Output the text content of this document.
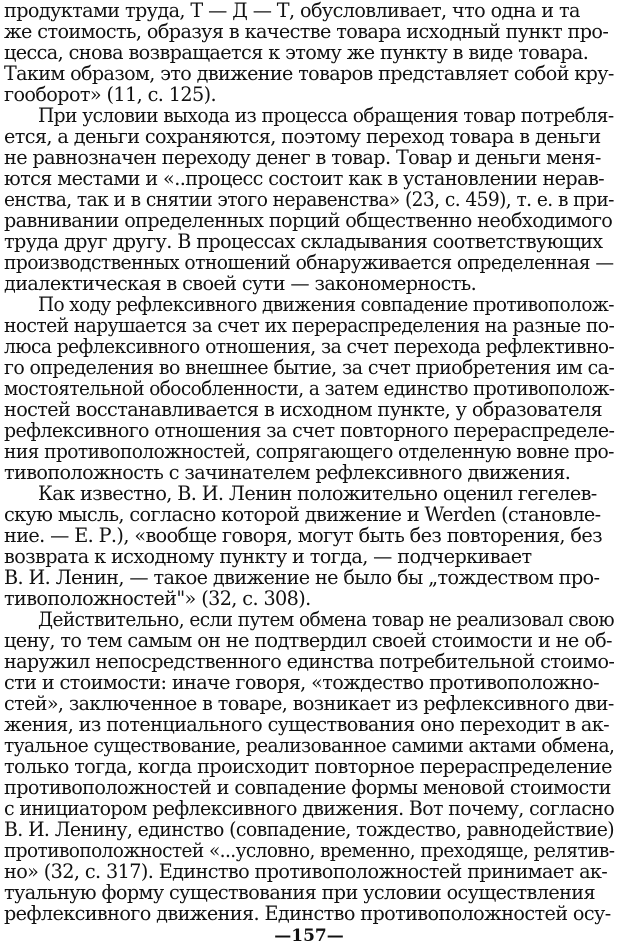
продуктами труда, Т — Д — Т, обусловливает, что одна и та
же стоимость, образуя в качестве товара исходный пункт про-
цесса, снова возвращается к этому же пункту в виде товара.
Таким образом, это движение товаров представляет собой кру-
гооборот» (11, с. 125).
При условии выхода из процесса обращения товар потребля-
ется, а деньги сохраняются, поэтому переход товара в деньги
не равнозначен переходу денег в товар. Товар и деньги меня-
ются местами и «..процесс состоит как в установлении нерав-
енства, так и в снятии этого неравенства» (23, с. 459), т. е. в при-
равнивании определенных порций общественно необходимого
труда друг другу. В процессах складывания соответствующих
производственных отношений обнаруживается определенная —
диалектическая в своей сути — закономерность.
По ходу рефлексивного движения совпадение противополож-
ностей нарушается за счет их перераспределения на разные по-
люса рефлексивного отношения, за счет перехода рефлективно-
го определения во внешнее бытие, за счет приобретения им са-
мостоятельной обособленности, а затем единство противополож-
ностей восстанавливается в исходном пункте, у образователя
рефлексивного отношения за счет повторного перераспределе-
ния противоположностей, сопрягающего отделенную вовне про-
тивоположность с зачинателем рефлексивного движения.
Как известно, В. И. Ленин положительно оценил гегелев-
скую мысль, согласно которой движение и Werden (становле-
ние. — Е. Р.), «вообще говоря, могут быть без повторения, без
возврата к исходному пункту и тогда, — подчеркивает
В. И. Ленин, — такое движение не было бы „тождеством про-
тивоположностей"» (32, с. 308).
Действительно, если путем обмена товар не реализовал свою
цену, то тем самым он не подтвердил своей стоимости и не об-
наружил непосредственного единства потребительной стоимо-
сти и стоимости: иначе говоря, «тождество противоположно-
стей», заключенное в товаре, возникает из рефлексивного дви-
жения, из потенциального существования оно переходит в ак-
туальное существование, реализованное самими актами обмена,
только тогда, когда происходит повторное перераспределение
противоположностей и совпадение формы меновой стоимости
с инициатором рефлексивного движения. Вот почему, согласно
В. И. Ленину, единство (совпадение, тождество, равнодействие)
противоположностей «...условно, временно, преходяще, релятив-
но» (32, с. 317). Единство противоположностей принимает ак-
туальную форму существования при условии осуществления
рефлексивного движения. Единство противоположностей осу-
—157—
